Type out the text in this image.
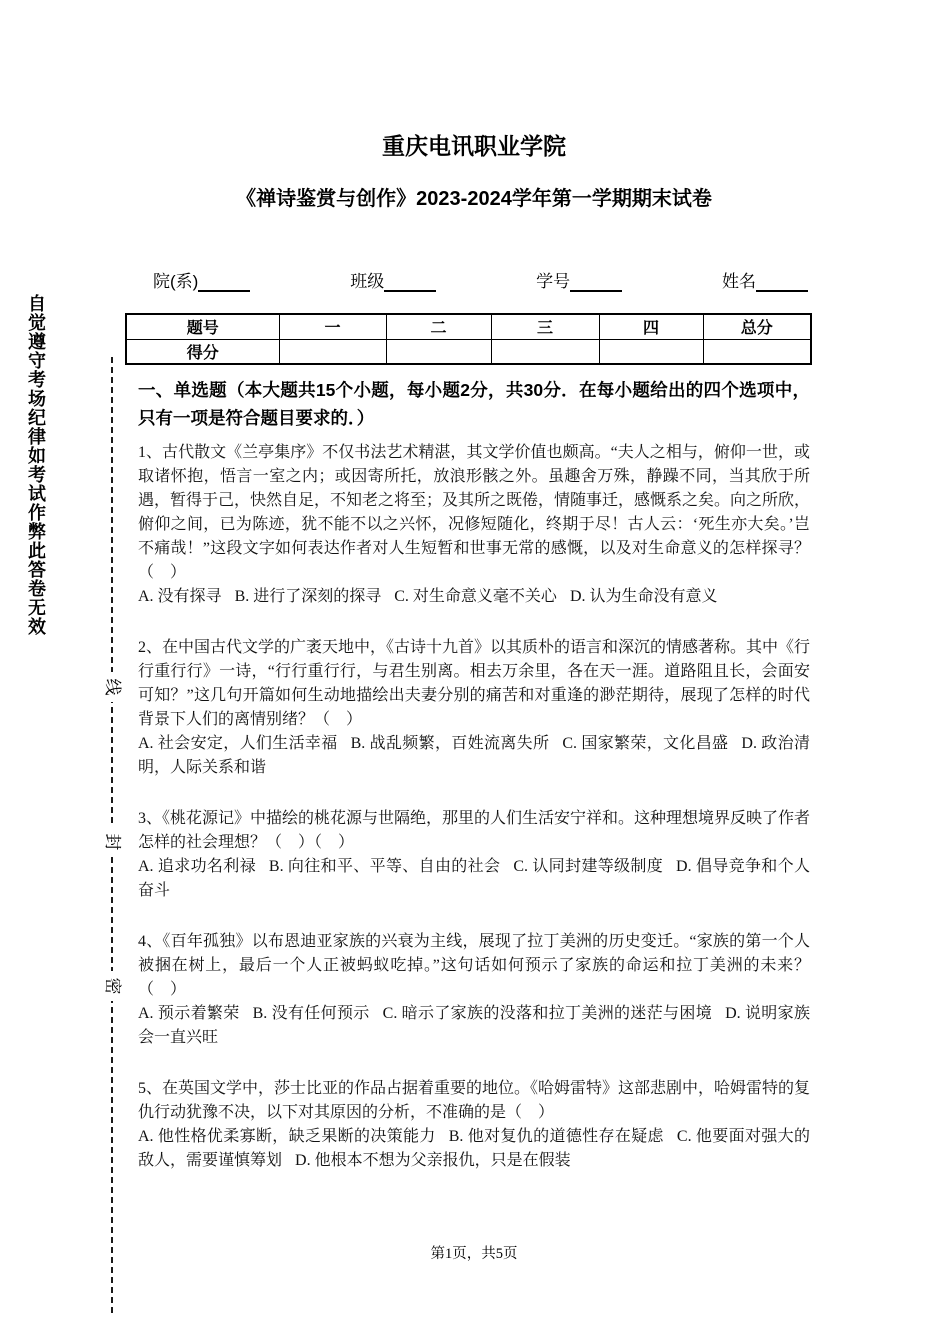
自觉遵守考场纪律如考试作弊此答卷无效
线
封
密
重庆电讯职业学院
《禅诗鉴赏与创作》2023-2024学年第一学期期末试卷
院(系)	班级	学号	姓名
题号	一	二	三	四	总分
得分					
一、单选题（本大题共15个小题，每小题2分，共30分．在每小题给出的四个选项中，只有一项是符合题目要求的．）
1、古代散文《兰亭集序》不仅书法艺术精湛，其文学价值也颇高。“夫人之相与，俯仰一世，或取诸怀抱，悟言一室之内；或因寄所托，放浪形骸之外。虽趣舍万殊，静躁不同，当其欣于所遇，暂得于己，快然自足，不知老之将至；及其所之既倦，情随事迁，感慨系之矣。向之所欣，俯仰之间，已为陈迹，犹不能不以之兴怀，况修短随化，终期于尽！古人云：‘死生亦大矣。’岂不痛哉！”这段文字如何表达作者对人生短暂和世事无常的感慨，以及对生命意义的怎样探寻？（　）
A. 没有探寻 B. 进行了深刻的探寻 C. 对生命意义毫不关心 D. 认为生命没有意义
2、在中国古代文学的广袤天地中，《古诗十九首》以其质朴的语言和深沉的情感著称。其中《行行重行行》一诗，“行行重行行，与君生别离。相去万余里，各在天一涯。道路阻且长，会面安可知？”这几句开篇如何生动地描绘出夫妻分别的痛苦和对重逢的渺茫期待，展现了怎样的时代背景下人们的离情别绪？（　）
A. 社会安定，人们生活幸福 B. 战乱频繁，百姓流离失所 C. 国家繁荣，文化昌盛 D. 政治清明，人际关系和谐
3、《桃花源记》中描绘的桃花源与世隔绝，那里的人们生活安宁祥和。这种理想境界反映了作者怎样的社会理想？（　）（　）
A. 追求功名利禄 B. 向往和平、平等、自由的社会 C. 认同封建等级制度 D. 倡导竞争和个人奋斗
4、《百年孤独》以布恩迪亚家族的兴衰为主线，展现了拉丁美洲的历史变迁。“家族的第一个人被捆在树上，最后一个人正被蚂蚁吃掉。”这句话如何预示了家族的命运和拉丁美洲的未来？（　）
A. 预示着繁荣 B. 没有任何预示 C. 暗示了家族的没落和拉丁美洲的迷茫与困境 D. 说明家族会一直兴旺
5、在英国文学中，莎士比亚的作品占据着重要的地位。《哈姆雷特》这部悲剧中，哈姆雷特的复仇行动犹豫不决，以下对其原因的分析，不准确的是（　）
A. 他性格优柔寡断，缺乏果断的决策能力 B. 他对复仇的道德性存在疑虑 C. 他要面对强大的敌人，需要谨慎筹划 D. 他根本不想为父亲报仇，只是在假装
第1页，共5页
